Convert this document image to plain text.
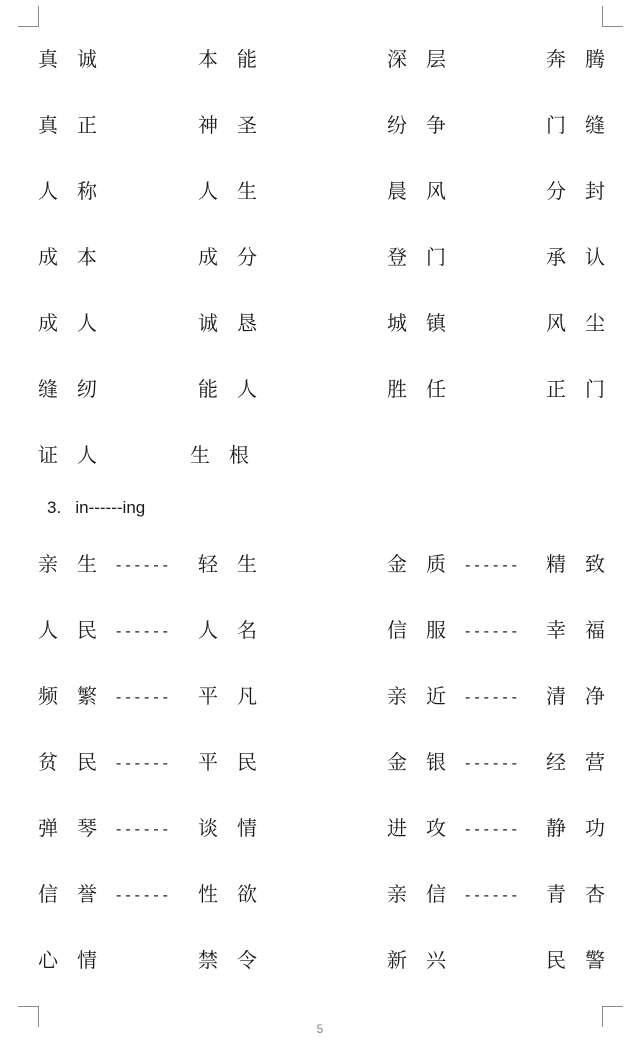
真诚	本能	深层	奔腾
真正	神圣	纷争	门缝
人称	人生	晨风	分封
成本	成分	登门	承认
成人	诚恳	城镇	风尘
缝纫	能人	胜任	正门
证人	生根
3.   in------ing
亲生 ------ 轻生	金质 ------ 精致
人民 ------ 人名	信服 ------ 幸福
频繁 ------ 平凡	亲近 ------ 清净
贫民 ------ 平民	金银 ------ 经营
弹琴 ------ 谈情	进攻 ------ 静功
信誉 ------ 性欲	亲信 ------ 青杏
心情	禁令	新兴	民警
5
